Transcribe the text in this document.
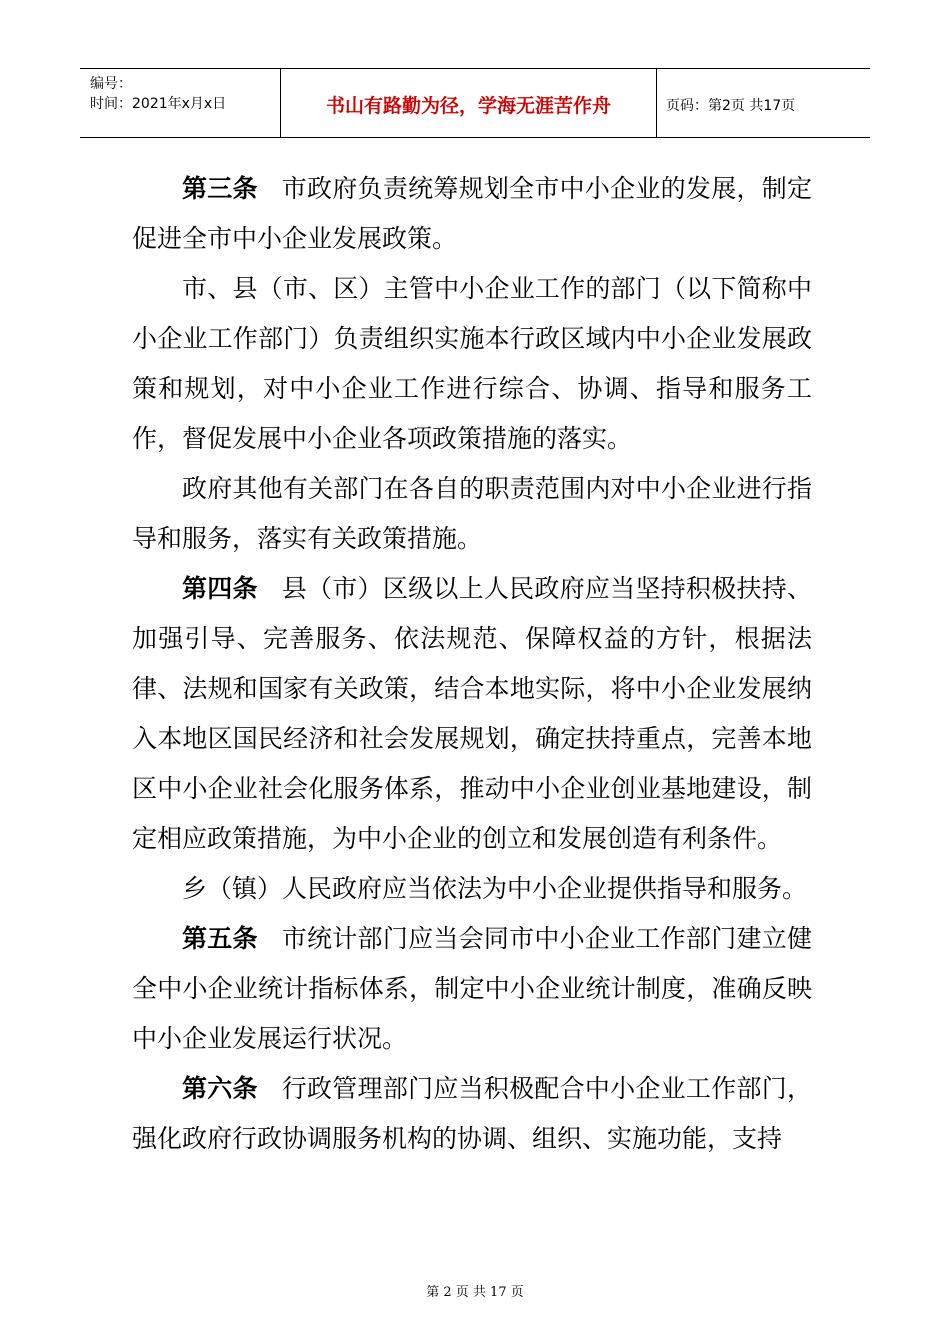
编号：
时间：2021年x月x日	书山有路勤为径，学海无涯苦作舟	页码：第2页 共17页

第三条 市政府负责统筹规划全市中小企业的发展，制定促进全市中小企业发展政策。

市、县（市、区）主管中小企业工作的部门（以下简称中小企业工作部门）负责组织实施本行政区域内中小企业发展政策和规划，对中小企业工作进行综合、协调、指导和服务工作，督促发展中小企业各项政策措施的落实。

政府其他有关部门在各自的职责范围内对中小企业进行指导和服务，落实有关政策措施。

第四条 县（市）区级以上人民政府应当坚持积极扶持、加强引导、完善服务、依法规范、保障权益的方针，根据法律、法规和国家有关政策，结合本地实际，将中小企业发展纳入本地区国民经济和社会发展规划，确定扶持重点，完善本地区中小企业社会化服务体系，推动中小企业创业基地建设，制定相应政策措施，为中小企业的创立和发展创造有利条件。

乡（镇）人民政府应当依法为中小企业提供指导和服务。

第五条 市统计部门应当会同市中小企业工作部门建立健全中小企业统计指标体系，制定中小企业统计制度，准确反映中小企业发展运行状况。

第六条 行政管理部门应当积极配合中小企业工作部门，强化政府行政协调服务机构的协调、组织、实施功能，支持

第 2 页 共 17 页
